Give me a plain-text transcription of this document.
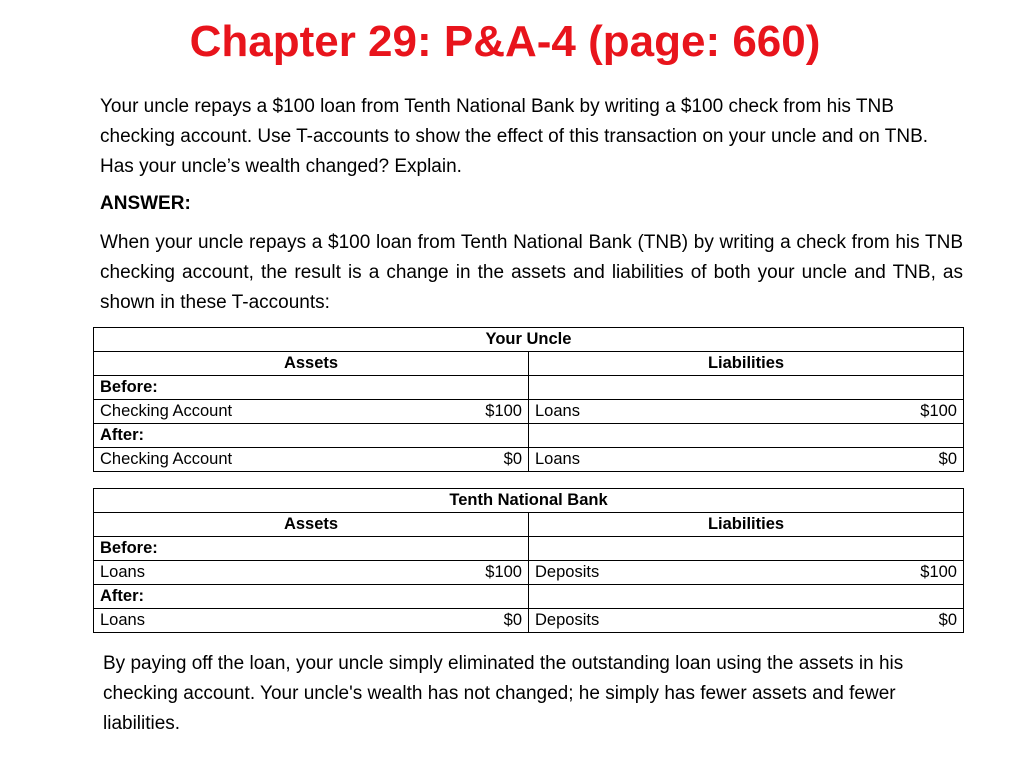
Chapter 29: P&A-4 (page: 660)
Your uncle repays a $100 loan from Tenth National Bank by writing a $100 check from his TNB checking account. Use T-accounts to show the effect of this transaction on your uncle and on TNB. Has your uncle’s wealth changed? Explain.
ANSWER:
When your uncle repays a $100 loan from Tenth National Bank (TNB) by writing a check from his TNB checking account, the result is a change in the assets and liabilities of both your uncle and TNB, as shown in these T-accounts:
Your Uncle	
Assets	Liabilities
Before:	

Checking Account $100	Loans $100

After:	

Checking Account $0	Loans $0
Tenth National Bank	
Assets	Liabilities
Before:	

Loans $100	Deposits $100

After:	

Loans $0	Deposits $0
By paying off the loan, your uncle simply eliminated the outstanding loan using the assets in his checking account. Your uncle's wealth has not changed; he simply has fewer assets and fewer liabilities.
